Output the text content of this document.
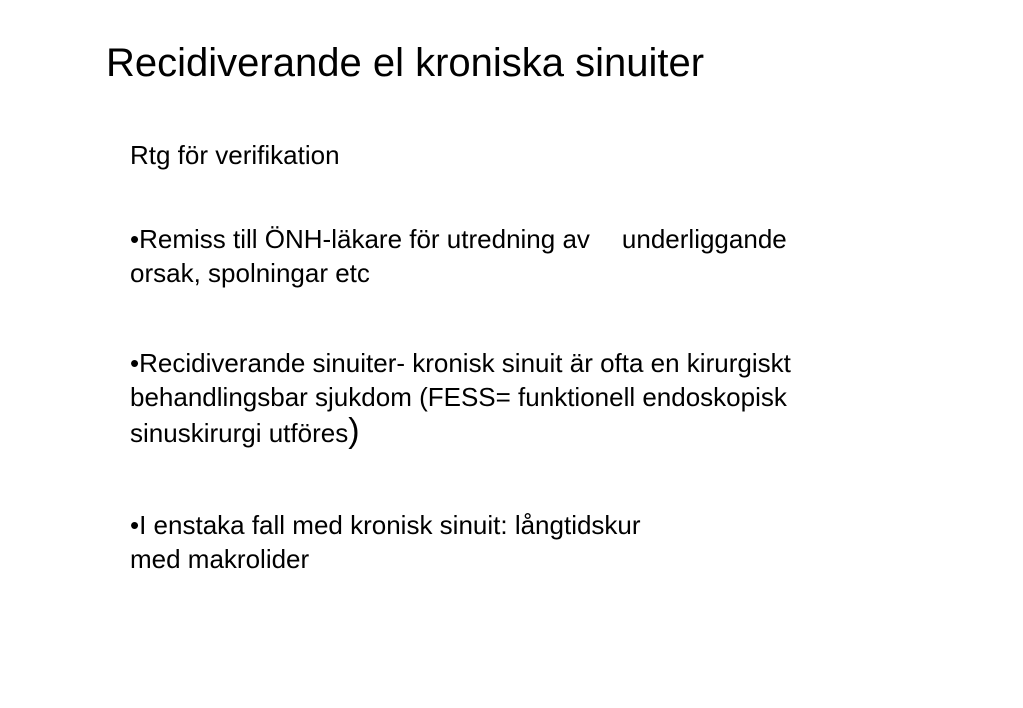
Recidiverande el kroniska sinuiter

Rtg för verifikation

•Remiss till ÖNH-läkare för utredning av underliggande
orsak, spolningar etc

•Recidiverande sinuiter- kronisk sinuit är ofta en kirurgiskt
behandlingsbar sjukdom (FESS= funktionell endoskopisk
sinuskirurgi utföres)

•I enstaka fall med kronisk sinuit: långtidskur
med makrolider
